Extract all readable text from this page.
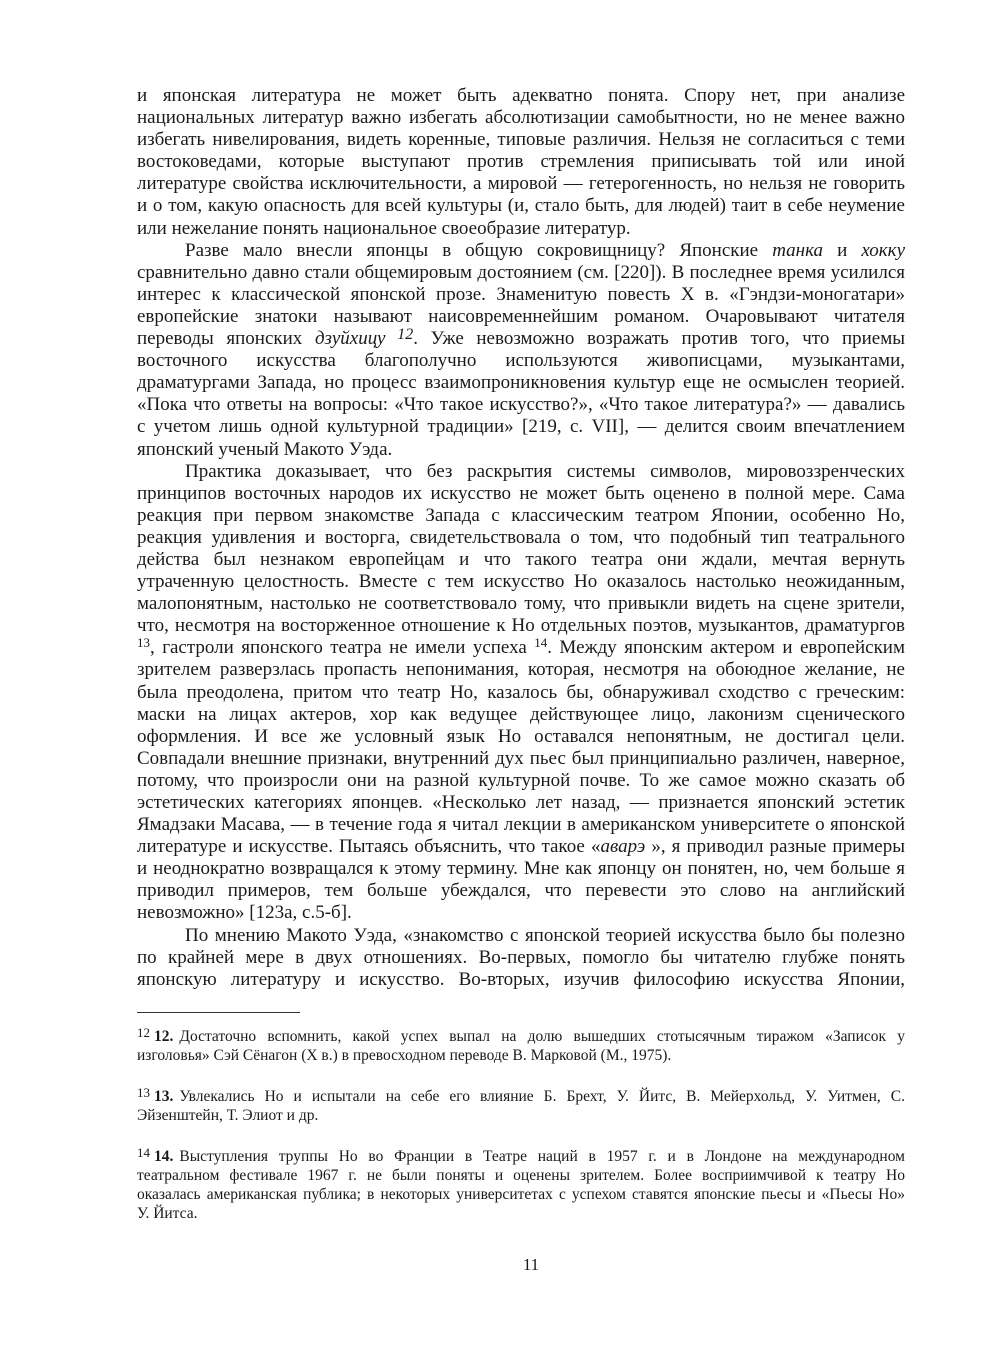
и японская литература не может быть адекватно понята. Спору нет, при анализе
национальных литератур важно избегать абсолютизации самобытности, но не менее важно
избегать нивелирования, видеть коренные, типовые различия. Нельзя не согласиться с теми
востоковедами, которые выступают против стремления приписывать той или иной
литературе свойства исключительности, а мировой — гетерогенность, но нельзя не говорить
и о том, какую опасность для всей культуры (и, стало быть, для людей) таит в себе неумение
или нежелание понять национальное своеобразие литератур.
Разве мало внесли японцы в общую сокровищницу? Японские танка и хокку
сравнительно давно стали общемировым достоянием (см. [220]). В последнее время усилился
интерес к классической японской прозе. Знаменитую повесть X в. «Гэндзи-моногатари»
европейские знатоки называют наисовременнейшим романом. Очаровывают читателя
переводы японских дзуйхицу $^{12}$. Уже невозможно возражать против того, что приемы
восточного искусства благополучно используются живописцами, музыкантами,
драматургами Запада, но процесс взаимопроникновения культур еще не осмыслен теорией.
«Пока что ответы на вопросы: «Что такое искусство?», «Что такое литература?» — давались
с учетом лишь одной культурной традиции» [219, с. VII], — делится своим впечатлением
японский ученый Макото Уэда.
Практика доказывает, что без раскрытия системы символов, мировоззренческих
принципов восточных народов их искусство не может быть оценено в полной мере. Сама
реакция при первом знакомстве Запада с классическим театром Японии, особенно Но,
реакция удивления и восторга, свидетельствовала о том, что подобный тип театрального
действа был незнаком европейцам и что такого театра они ждали, мечтая вернуть
утраченную целостность. Вместе с тем искусство Но оказалось настолько неожиданным,
малопонятным, настолько не соответствовало тому, что привыкли видеть на сцене зрители,
что, несмотря на восторженное отношение к Но отдельных поэтов, музыкантов, драматургов
$^{13}$, гастроли японского театра не имели успеха $^{14}$. Между японским актером и европейским
зрителем разверзлась пропасть непонимания, которая, несмотря на обоюдное желание, не
была преодолена, притом что театр Но, казалось бы, обнаруживал сходство с греческим:
маски на лицах актеров, хор как ведущее действующее лицо, лаконизм сценического
оформления. И все же условный язык Но оставался непонятным, не достигал цели.
Совпадали внешние признаки, внутренний дух пьес был принципиально различен, наверное,
потому, что произросли они на разной культурной почве. То же самое можно сказать об
эстетических категориях японцев. «Несколько лет назад, — признается японский эстетик
Ямадзаки Масава, — в течение года я читал лекции в американском университете о японской
литературе и искусстве. Пытаясь объяснить, что такое «аварэ », я приводил разные примеры
и неоднократно возвращался к этому термину. Мне как японцу он понятен, но, чем больше я
приводил примеров, тем больше убеждался, что перевести это слово на английский
невозможно» [123а, с.5-б].
По мнению Макото Уэда, «знакомство с японской теорией искусства было бы полезно
по крайней мере в двух отношениях. Во-первых, помогло бы читателю глубже понять
японскую литературу и искусство. Во-вторых, изучив философию искусства Японии,
$^{12}$ 12. Достаточно вспомнить, какой успех выпал на долю вышедших стотысячным тиражом «Записок у
изголовья» Сэй Сёнагон (X в.) в превосходном переводе В. Марковой (М., 1975).
$^{13}$ 13. Увлекались Но и испытали на себе его влияние Б. Брехт, У. Йитс, В. Мейерхольд, У. Уитмен, С.
Эйзенштейн, Т. Элиот и др.
$^{14}$ 14. Выступления труппы Но во Франции в Театре наций в 1957 г. и в Лондоне на международном
театральном фестивале 1967 г. не были поняты и оценены зрителем. Более восприимчивой к театру Но
оказалась американская публика; в некоторых университетах с успехом ставятся японские пьесы и «Пьесы Но»
У. Йитса.
11
